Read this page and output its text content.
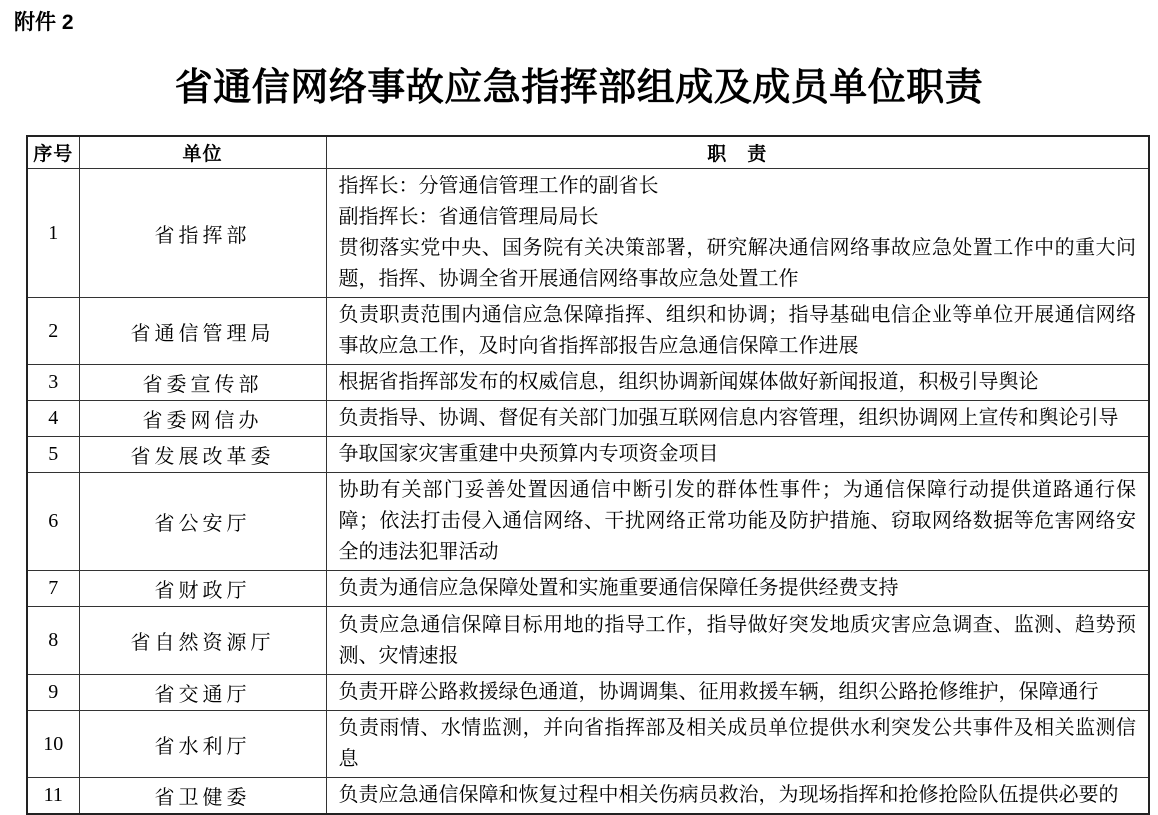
附件 2
省通信网络事故应急指挥部组成及成员单位职责
序号	单位	职　责
1	省指挥部	指挥长：分管通信管理工作的副省长
副指挥长：省通信管理局局长
贯彻落实党中央、国务院有关决策部署，研究解决通信网络事故应急处置工作中的重大问题，指挥、协调全省开展通信网络事故应急处置工作

2	省通信管理局	负责职责范围内通信应急保障指挥、组织和协调；指导基础电信企业等单位开展通信网络事故应急工作，及时向省指挥部报告应急通信保障工作进展

3	省委宣传部	根据省指挥部发布的权威信息，组织协调新闻媒体做好新闻报道，积极引导舆论

4	省委网信办	负责指导、协调、督促有关部门加强互联网信息内容管理，组织协调网上宣传和舆论引导

5	省发展改革委	争取国家灾害重建中央预算内专项资金项目

6	省公安厅	协助有关部门妥善处置因通信中断引发的群体性事件；为通信保障行动提供道路通行保障；依法打击侵入通信网络、干扰网络正常功能及防护措施、窃取网络数据等危害网络安全的违法犯罪活动

7	省财政厅	负责为通信应急保障处置和实施重要通信保障任务提供经费支持

8	省自然资源厅	负责应急通信保障目标用地的指导工作，指导做好突发地质灾害应急调查、监测、趋势预测、灾情速报

9	省交通厅	负责开辟公路救援绿色通道，协调调集、征用救援车辆，组织公路抢修维护，保障通行

10	省水利厅	负责雨情、水情监测，并向省指挥部及相关成员单位提供水利突发公共事件及相关监测信息

11	省卫健委	负责应急通信保障和恢复过程中相关伤病员救治，为现场指挥和抢修抢险队伍提供必要的
